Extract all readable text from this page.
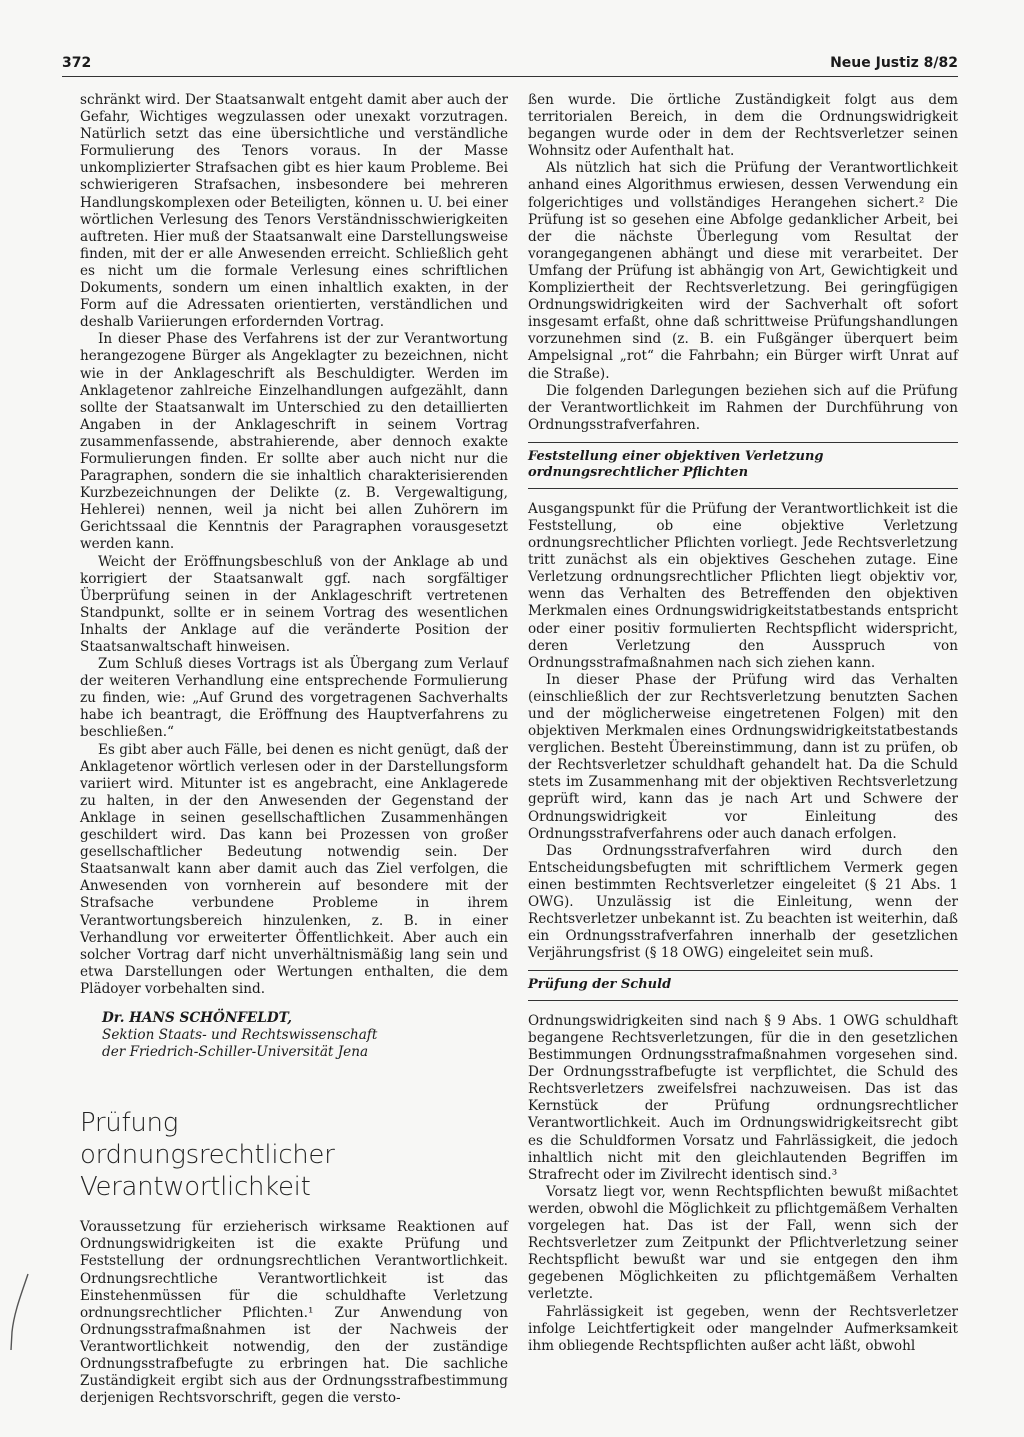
372	Neue Justiz 8/82

schränkt wird. Der Staatsanwalt entgeht damit aber auch der Gefahr, Wichtiges wegzulassen oder unexakt vorzutragen. Natürlich setzt das eine übersichtliche und verständliche Formulierung des Tenors voraus. In der Masse unkomplizierter Strafsachen gibt es hier kaum Probleme. Bei schwierigeren Strafsachen, insbesondere bei mehreren Handlungskomplexen oder Beteiligten, können u. U. bei einer wörtlichen Verlesung des Tenors Verständnisschwierigkeiten auftreten. Hier muß der Staatsanwalt eine Darstellungsweise finden, mit der er alle Anwesenden erreicht. Schließlich geht es nicht um die formale Verlesung eines schriftlichen Dokuments, sondern um einen inhaltlich exakten, in der Form auf die Adressaten orientierten, verständlichen und deshalb Variierungen erfordernden Vortrag.

In dieser Phase des Verfahrens ist der zur Verantwortung herangezogene Bürger als Angeklagter zu bezeichnen, nicht wie in der Anklageschrift als Beschuldigter. Werden im Anklagetenor zahlreiche Einzelhandlungen aufgezählt, dann sollte der Staatsanwalt im Unterschied zu den detaillierten Angaben in der Anklageschrift in seinem Vortrag zusammenfassende, abstrahierende, aber dennoch exakte Formulierungen finden. Er sollte aber auch nicht nur die Paragraphen, sondern die sie inhaltlich charakterisierenden Kurzbezeichnungen der Delikte (z. B. Vergewaltigung, Hehlerei) nennen, weil ja nicht bei allen Zuhörern im Gerichtssaal die Kenntnis der Paragraphen vorausgesetzt werden kann.

Weicht der Eröffnungsbeschluß von der Anklage ab und korrigiert der Staatsanwalt ggf. nach sorgfältiger Überprüfung seinen in der Anklageschrift vertretenen Standpunkt, sollte er in seinem Vortrag des wesentlichen Inhalts der Anklage auf die veränderte Position der Staatsanwaltschaft hinweisen.

Zum Schluß dieses Vortrags ist als Übergang zum Verlauf der weiteren Verhandlung eine entsprechende Formulierung zu finden, wie: „Auf Grund des vorgetragenen Sachverhalts habe ich beantragt, die Eröffnung des Hauptverfahrens zu beschließen.“

Es gibt aber auch Fälle, bei denen es nicht genügt, daß der Anklagetenor wörtlich verlesen oder in der Darstellungsform variiert wird. Mitunter ist es angebracht, eine Anklagerede zu halten, in der den Anwesenden der Gegenstand der Anklage in seinen gesellschaftlichen Zusammenhängen geschildert wird. Das kann bei Prozessen von großer gesellschaftlicher Bedeutung notwendig sein. Der Staatsanwalt kann aber damit auch das Ziel verfolgen, die Anwesenden von vornherein auf besondere mit der Strafsache verbundene Probleme in ihrem Verantwortungsbereich hinzulenken, z. B. in einer Verhandlung vor erweiterter Öffentlichkeit. Aber auch ein solcher Vortrag darf nicht unverhältnismäßig lang sein und etwa Darstellungen oder Wertungen enthalten, die dem Plädoyer vorbehalten sind.

Dr. HANS SCHÖNFELDT,
Sektion Staats- und Rechtswissenschaft
der Friedrich-Schiller-Universität Jena
Prüfung
ordnungsrechtlicher Verantwortlichkeit

Voraussetzung für erzieherisch wirksame Reaktionen auf Ordnungswidrigkeiten ist die exakte Prüfung und Feststellung der ordnungsrechtlichen Verantwortlichkeit. Ordnungsrechtliche Verantwortlichkeit ist das Einstehenmüssen für die schuldhafte Verletzung ordnungsrechtlicher Pflichten.¹ Zur Anwendung von Ordnungsstrafmaßnahmen ist der Nachweis der Verantwortlichkeit notwendig, den der zuständige Ordnungsstrafbefugte zu erbringen hat. Die sachliche Zuständigkeit ergibt sich aus der Ordnungsstrafbestimmung derjenigen Rechtsvorschrift, gegen die versto-

ßen wurde. Die örtliche Zuständigkeit folgt aus dem territorialen Bereich, in dem die Ordnungswidrigkeit begangen wurde oder in dem der Rechtsverletzer seinen Wohnsitz oder Aufenthalt hat.

Als nützlich hat sich die Prüfung der Verantwortlichkeit anhand eines Algorithmus erwiesen, dessen Verwendung ein folgerichtiges und vollständiges Herangehen sichert.² Die Prüfung ist so gesehen eine Abfolge gedanklicher Arbeit, bei der die nächste Überlegung vom Resultat der vorangegangenen abhängt und diese mit verarbeitet. Der Umfang der Prüfung ist abhängig von Art, Gewichtigkeit und Kompliziertheit der Rechtsverletzung. Bei geringfügigen Ordnungswidrigkeiten wird der Sachverhalt oft sofort insgesamt erfaßt, ohne daß schrittweise Prüfungshandlungen vorzunehmen sind (z. B. ein Fußgänger überquert beim Ampelsignal „rot“ die Fahrbahn; ein Bürger wirft Unrat auf die Straße).

Die folgenden Darlegungen beziehen sich auf die Prüfung der Verantwortlichkeit im Rahmen der Durchführung von Ordnungsstrafverfahren.

Feststellung einer objektiven Verletzung
ordnungsrechtlicher Pflichten

Ausgangspunkt für die Prüfung der Verantwortlichkeit ist die Feststellung, ob eine objektive Verletzung ordnungsrechtlicher Pflichten vorliegt. Jede Rechtsverletzung tritt zunächst als ein objektives Geschehen zutage. Eine Verletzung ordnungsrechtlicher Pflichten liegt objektiv vor, wenn das Verhalten des Betreffenden den objektiven Merkmalen eines Ordnungswidrigkeitstatbestands entspricht oder einer positiv formulierten Rechtspflicht widerspricht, deren Verletzung den Ausspruch von Ordnungsstrafmaßnahmen nach sich ziehen kann.

In dieser Phase der Prüfung wird das Verhalten (einschließlich der zur Rechtsverletzung benutzten Sachen und der möglicherweise eingetretenen Folgen) mit den objektiven Merkmalen eines Ordnungswidrigkeitstatbestands verglichen. Besteht Übereinstimmung, dann ist zu prüfen, ob der Rechtsverletzer schuldhaft gehandelt hat. Da die Schuld stets im Zusammenhang mit der objektiven Rechtsverletzung geprüft wird, kann das je nach Art und Schwere der Ordnungswidrigkeit vor Einleitung des Ordnungsstrafverfahrens oder auch danach erfolgen.

Das Ordnungsstrafverfahren wird durch den Entscheidungsbefugten mit schriftlichem Vermerk gegen einen bestimmten Rechtsverletzer eingeleitet (§ 21 Abs. 1 OWG). Unzulässig ist die Einleitung, wenn der Rechtsverletzer unbekannt ist. Zu beachten ist weiterhin, daß ein Ordnungsstrafverfahren innerhalb der gesetzlichen Verjährungsfrist (§ 18 OWG) eingeleitet sein muß.

Prüfung der Schuld

Ordnungswidrigkeiten sind nach § 9 Abs. 1 OWG schuldhaft begangene Rechtsverletzungen, für die in den gesetzlichen Bestimmungen Ordnungsstrafmaßnahmen vorgesehen sind. Der Ordnungsstrafbefugte ist verpflichtet, die Schuld des Rechtsverletzers zweifelsfrei nachzuweisen. Das ist das Kernstück der Prüfung ordnungsrechtlicher Verantwortlichkeit. Auch im Ordnungswidrigkeitsrecht gibt es die Schuldformen Vorsatz und Fahrlässigkeit, die jedoch inhaltlich nicht mit den gleichlautenden Begriffen im Strafrecht oder im Zivilrecht identisch sind.³

Vorsatz liegt vor, wenn Rechtspflichten bewußt mißachtet werden, obwohl die Möglichkeit zu pflichtgemäßem Verhalten vorgelegen hat. Das ist der Fall, wenn sich der Rechtsverletzer zum Zeitpunkt der Pflichtverletzung seiner Rechtspflicht bewußt war und sie entgegen den ihm gegebenen Möglichkeiten zu pflichtgemäßem Verhalten verletzte.

Fahrlässigkeit ist gegeben, wenn der Rechtsverletzer infolge Leichtfertigkeit oder mangelnder Aufmerksamkeit ihm obliegende Rechtspflichten außer acht läßt, obwohl
